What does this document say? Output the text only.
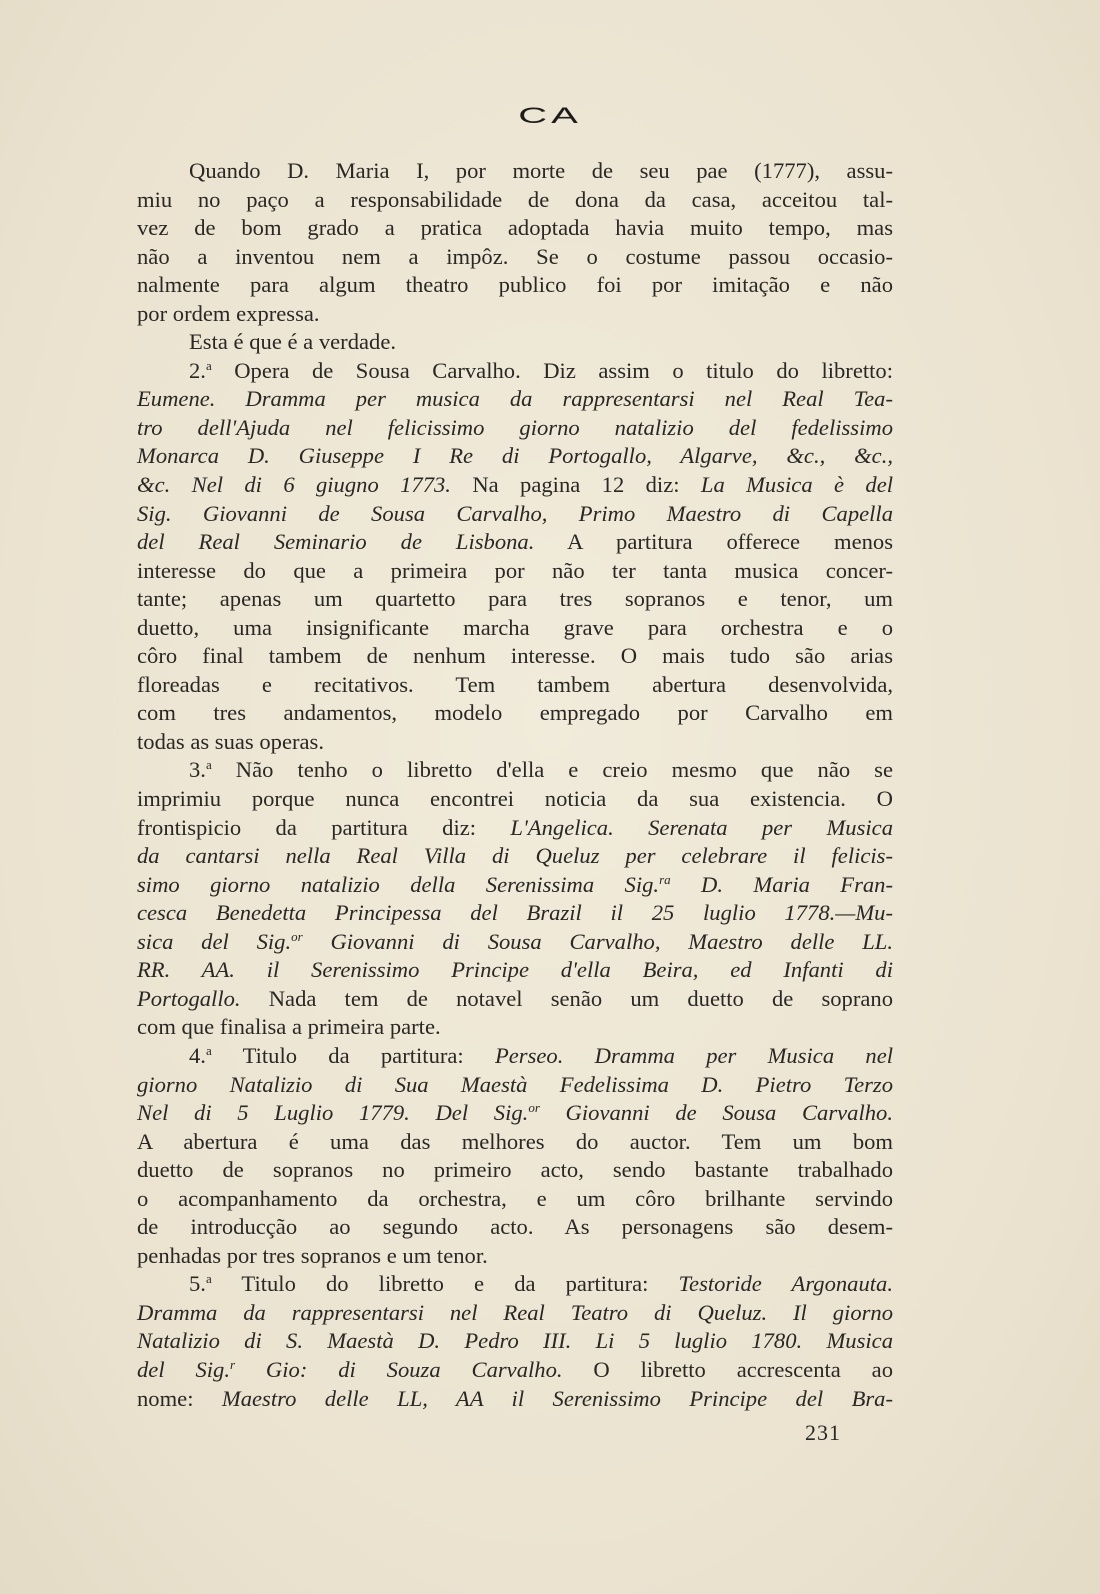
CA
Quando D. Maria I, por morte de seu pae (1777), assu-
miu no paço a responsabilidade de dona da casa, acceitou tal-
vez de bom grado a pratica adoptada havia muito tempo, mas
não a inventou nem a impôz. Se o costume passou occasio-
nalmente para algum theatro publico foi por imitação e não
por ordem expressa.
Esta é que é a verdade.
2.$^a$ Opera de Sousa Carvalho. Diz assim o titulo do libretto:
Eumene. Dramma per musica da rappresentarsi nel Real Tea-
tro dell'Ajuda nel felicissimo giorno natalizio del fedelissimo
Monarca D. Giuseppe I Re di Portogallo, Algarve, &c., &c.,
&c. Nel di 6 giugno 1773. Na pagina 12 diz: La Musica è del
Sig. Giovanni de Sousa Carvalho, Primo Maestro di Capella
del Real Seminario de Lisbona. A partitura offerece menos
interesse do que a primeira por não ter tanta musica concer-
tante; apenas um quartetto para tres sopranos e tenor, um
duetto, uma insignificante marcha grave para orchestra e o
côro final tambem de nenhum interesse. O mais tudo são arias
floreadas e recitativos. Tem tambem abertura desenvolvida,
com tres andamentos, modelo empregado por Carvalho em
todas as suas operas.
3.$^a$ Não tenho o libretto d'ella e creio mesmo que não se
imprimiu porque nunca encontrei noticia da sua existencia. O
frontispicio da partitura diz: L'Angelica. Serenata per Musica
da cantarsi nella Real Villa di Queluz per celebrare il felicis-
simo giorno natalizio della Serenissima Sig.$^{ra}$ D. Maria Fran-
cesca Benedetta Principessa del Brazil il 25 luglio 1778.—Mu-
sica del Sig.$^{or}$ Giovanni di Sousa Carvalho, Maestro delle LL.
RR. AA. il Serenissimo Principe d'ella Beira, ed Infanti di
Portogallo. Nada tem de notavel senão um duetto de soprano
com que finalisa a primeira parte.
4.$^a$ Titulo da partitura: Perseo. Dramma per Musica nel
giorno Natalizio di Sua Maestà Fedelissima D. Pietro Terzo
Nel di 5 Luglio 1779. Del Sig.$^{or}$ Giovanni de Sousa Carvalho.
A abertura é uma das melhores do auctor. Tem um bom
duetto de sopranos no primeiro acto, sendo bastante trabalhado
o acompanhamento da orchestra, e um côro brilhante servindo
de introducção ao segundo acto. As personagens são desem-
penhadas por tres sopranos e um tenor.
5.$^a$ Titulo do libretto e da partitura: Testoride Argonauta.
Dramma da rappresentarsi nel Real Teatro di Queluz. Il giorno
Natalizio di S. Maestà D. Pedro III. Li 5 luglio 1780. Musica
del Sig.$^r$ Gio: di Souza Carvalho. O libretto accrescenta ao
nome: Maestro delle LL, AA il Serenissimo Principe del Bra-
231
